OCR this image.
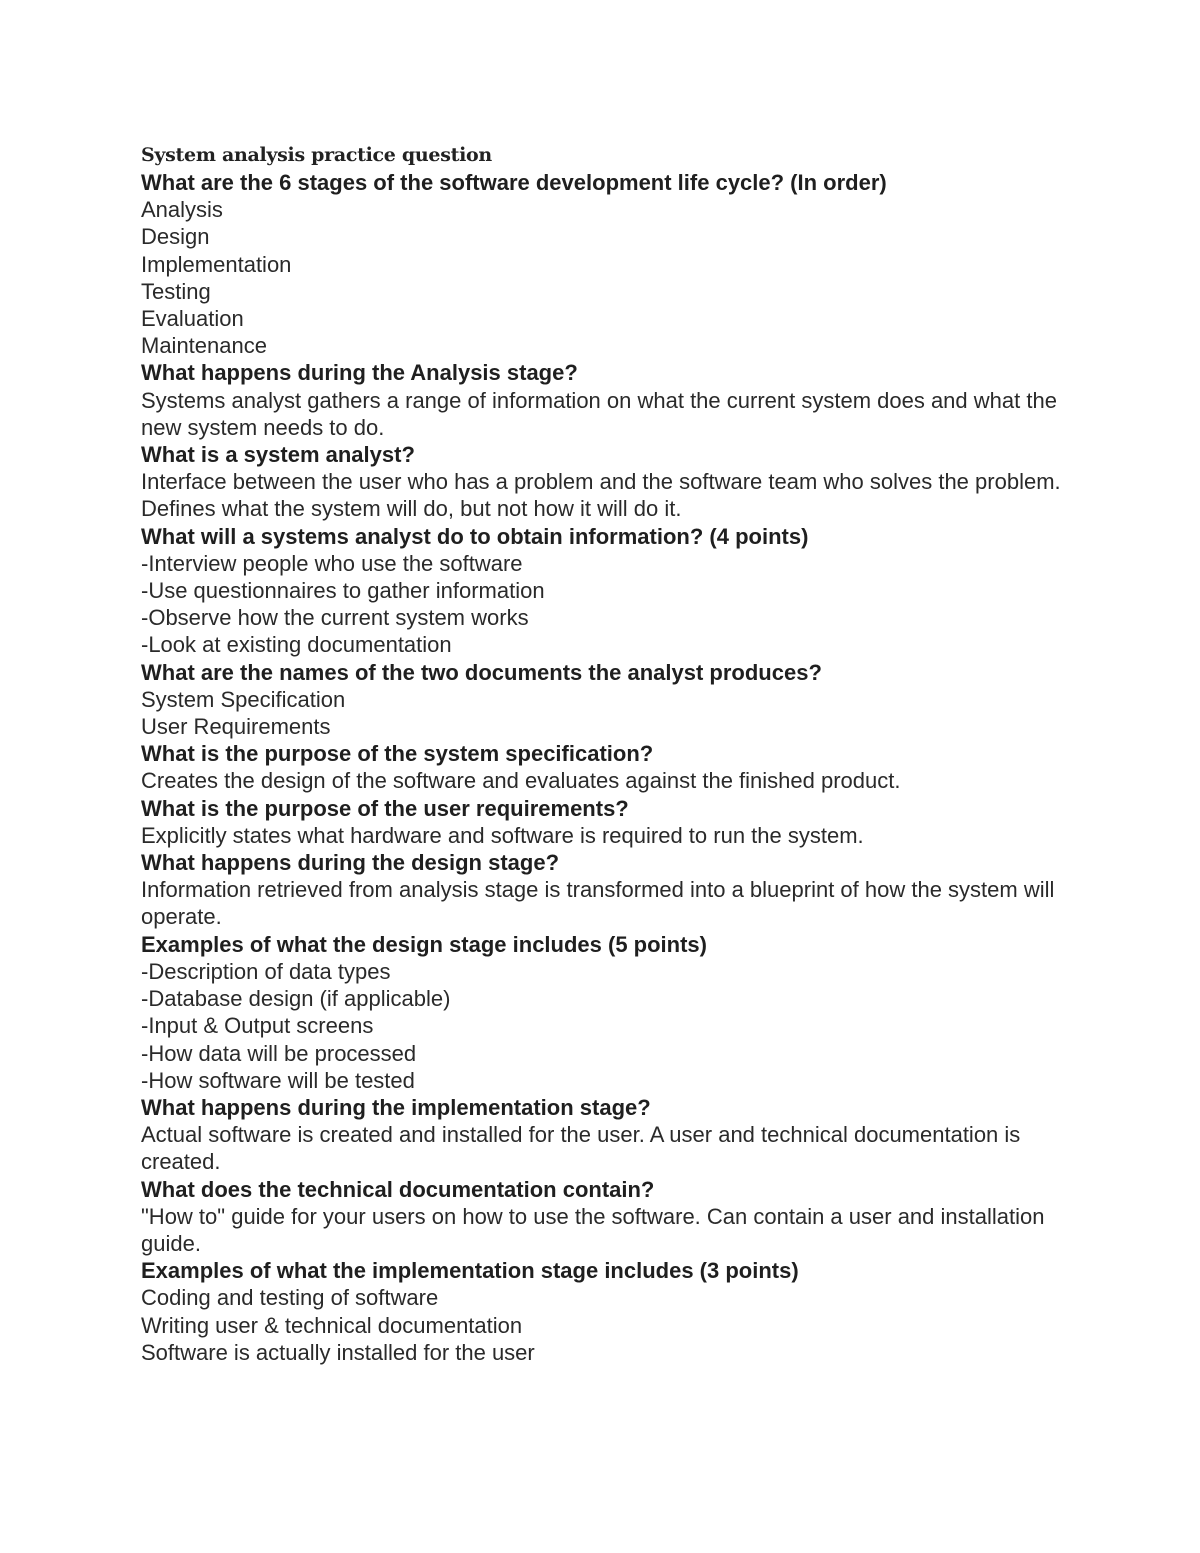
System analysis practice question

What are the 6 stages of the software development life cycle? (In order)

Analysis

Design

Implementation

Testing

Evaluation

Maintenance

What happens during the Analysis stage?

Systems analyst gathers a range of information on what the current system does and what the new system needs to do.

What is a system analyst?

Interface between the user who has a problem and the software team who solves the problem.

Defines what the system will do, but not how it will do it.

What will a systems analyst do to obtain information? (4 points)

-Interview people who use the software

-Use questionnaires to gather information

-Observe how the current system works

-Look at existing documentation

What are the names of the two documents the analyst produces?

System Specification

User Requirements

What is the purpose of the system specification?

Creates the design of the software and evaluates against the finished product.

What is the purpose of the user requirements?

Explicitly states what hardware and software is required to run the system.

What happens during the design stage?

Information retrieved from analysis stage is transformed into a blueprint of how the system will operate.

Examples of what the design stage includes (5 points)

-Description of data types

-Database design (if applicable)

-Input & Output screens

-How data will be processed

-How software will be tested

What happens during the implementation stage?

Actual software is created and installed for the user. A user and technical documentation is created.

What does the technical documentation contain?

"How to" guide for your users on how to use the software. Can contain a user and installation guide.

Examples of what the implementation stage includes (3 points)

Coding and testing of software

Writing user & technical documentation

Software is actually installed for the user
